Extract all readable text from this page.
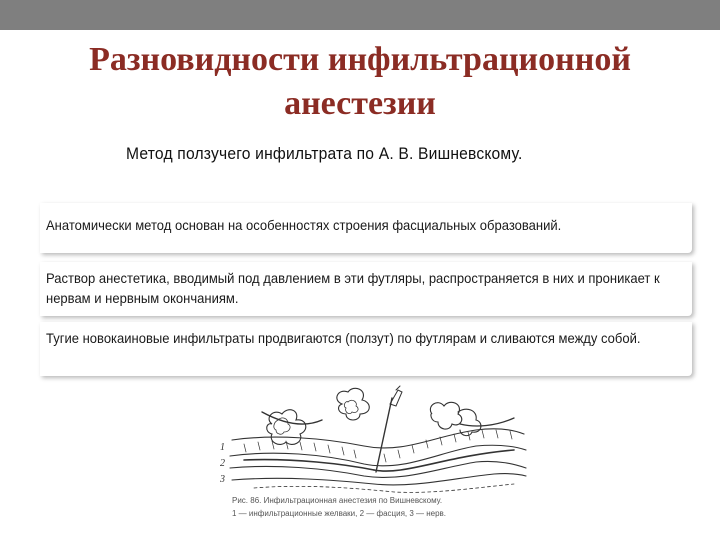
Разновидности инфильтрационной
анестезии
Метод ползучего инфильтрата по А. В. Вишневскому.

Анатомически метод основан на особенностях строения фасциальных образований.

Раствор анестетика, вводимый под давлением в эти футляры, распространяется в них и проникает к нервам и нервным окончаниям.

Тугие новокаиновые инфильтраты продвигаются (ползут) по футлярам и сливаются между собой.

1
2
3
Рис. 86. Инфильтрационная анестезия по Вишневскому.
1 — инфильтрационные желваки, 2 — фасция, 3 — нерв.
